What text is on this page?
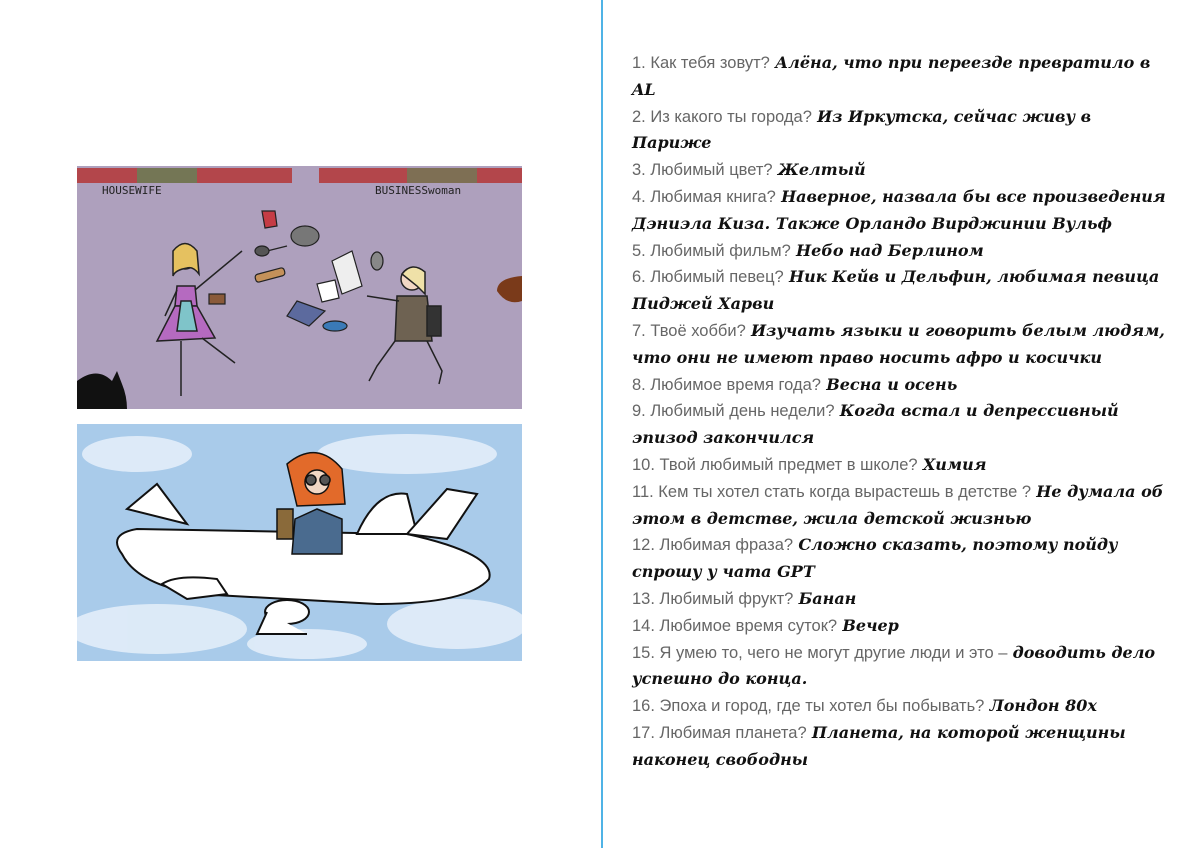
HOUSEWIFE	BUSINESSwoman

1. Как тебя зовут? Алёна, что при переезде превратило в AL

2. Из какого ты города? Из Иркутска, сейчас живу в Париже

3. Любимый цвет? Желтый

4. Любимая книга? Наверное, назвала бы все произведения Дэниэла Киза. Также Орландо Вирджинии Вульф

5. Любимый фильм? Небо над Берлином

6. Любимый певец? Ник Кейв и Дельфин, любимая певица Пиджей Харви

7. Твоё хобби? Изучать языки и говорить белым людям, что они не имеют право носить афро и косички

8. Любимое время года? Весна и осень

9. Любимый день недели? Когда встал и депрессивный эпизод закончился

10. Твой любимый предмет в школе? Химия

11. Кем ты хотел стать когда вырастешь в детстве ? Не думала об этом в детстве, жила детской жизнью

12. Любимая фраза? Сложно сказать, поэтому пойду спрошу у чата GPT

13. Любимый фрукт? Банан

14. Любимое время суток? Вечер

15. Я умею то, чего не могут другие люди и это – доводить дело успешно до конца.

16. Эпоха и город, где ты хотел бы побывать? Лондон 80х

17. Любимая планета? Планета, на которой женщины наконец свободны
